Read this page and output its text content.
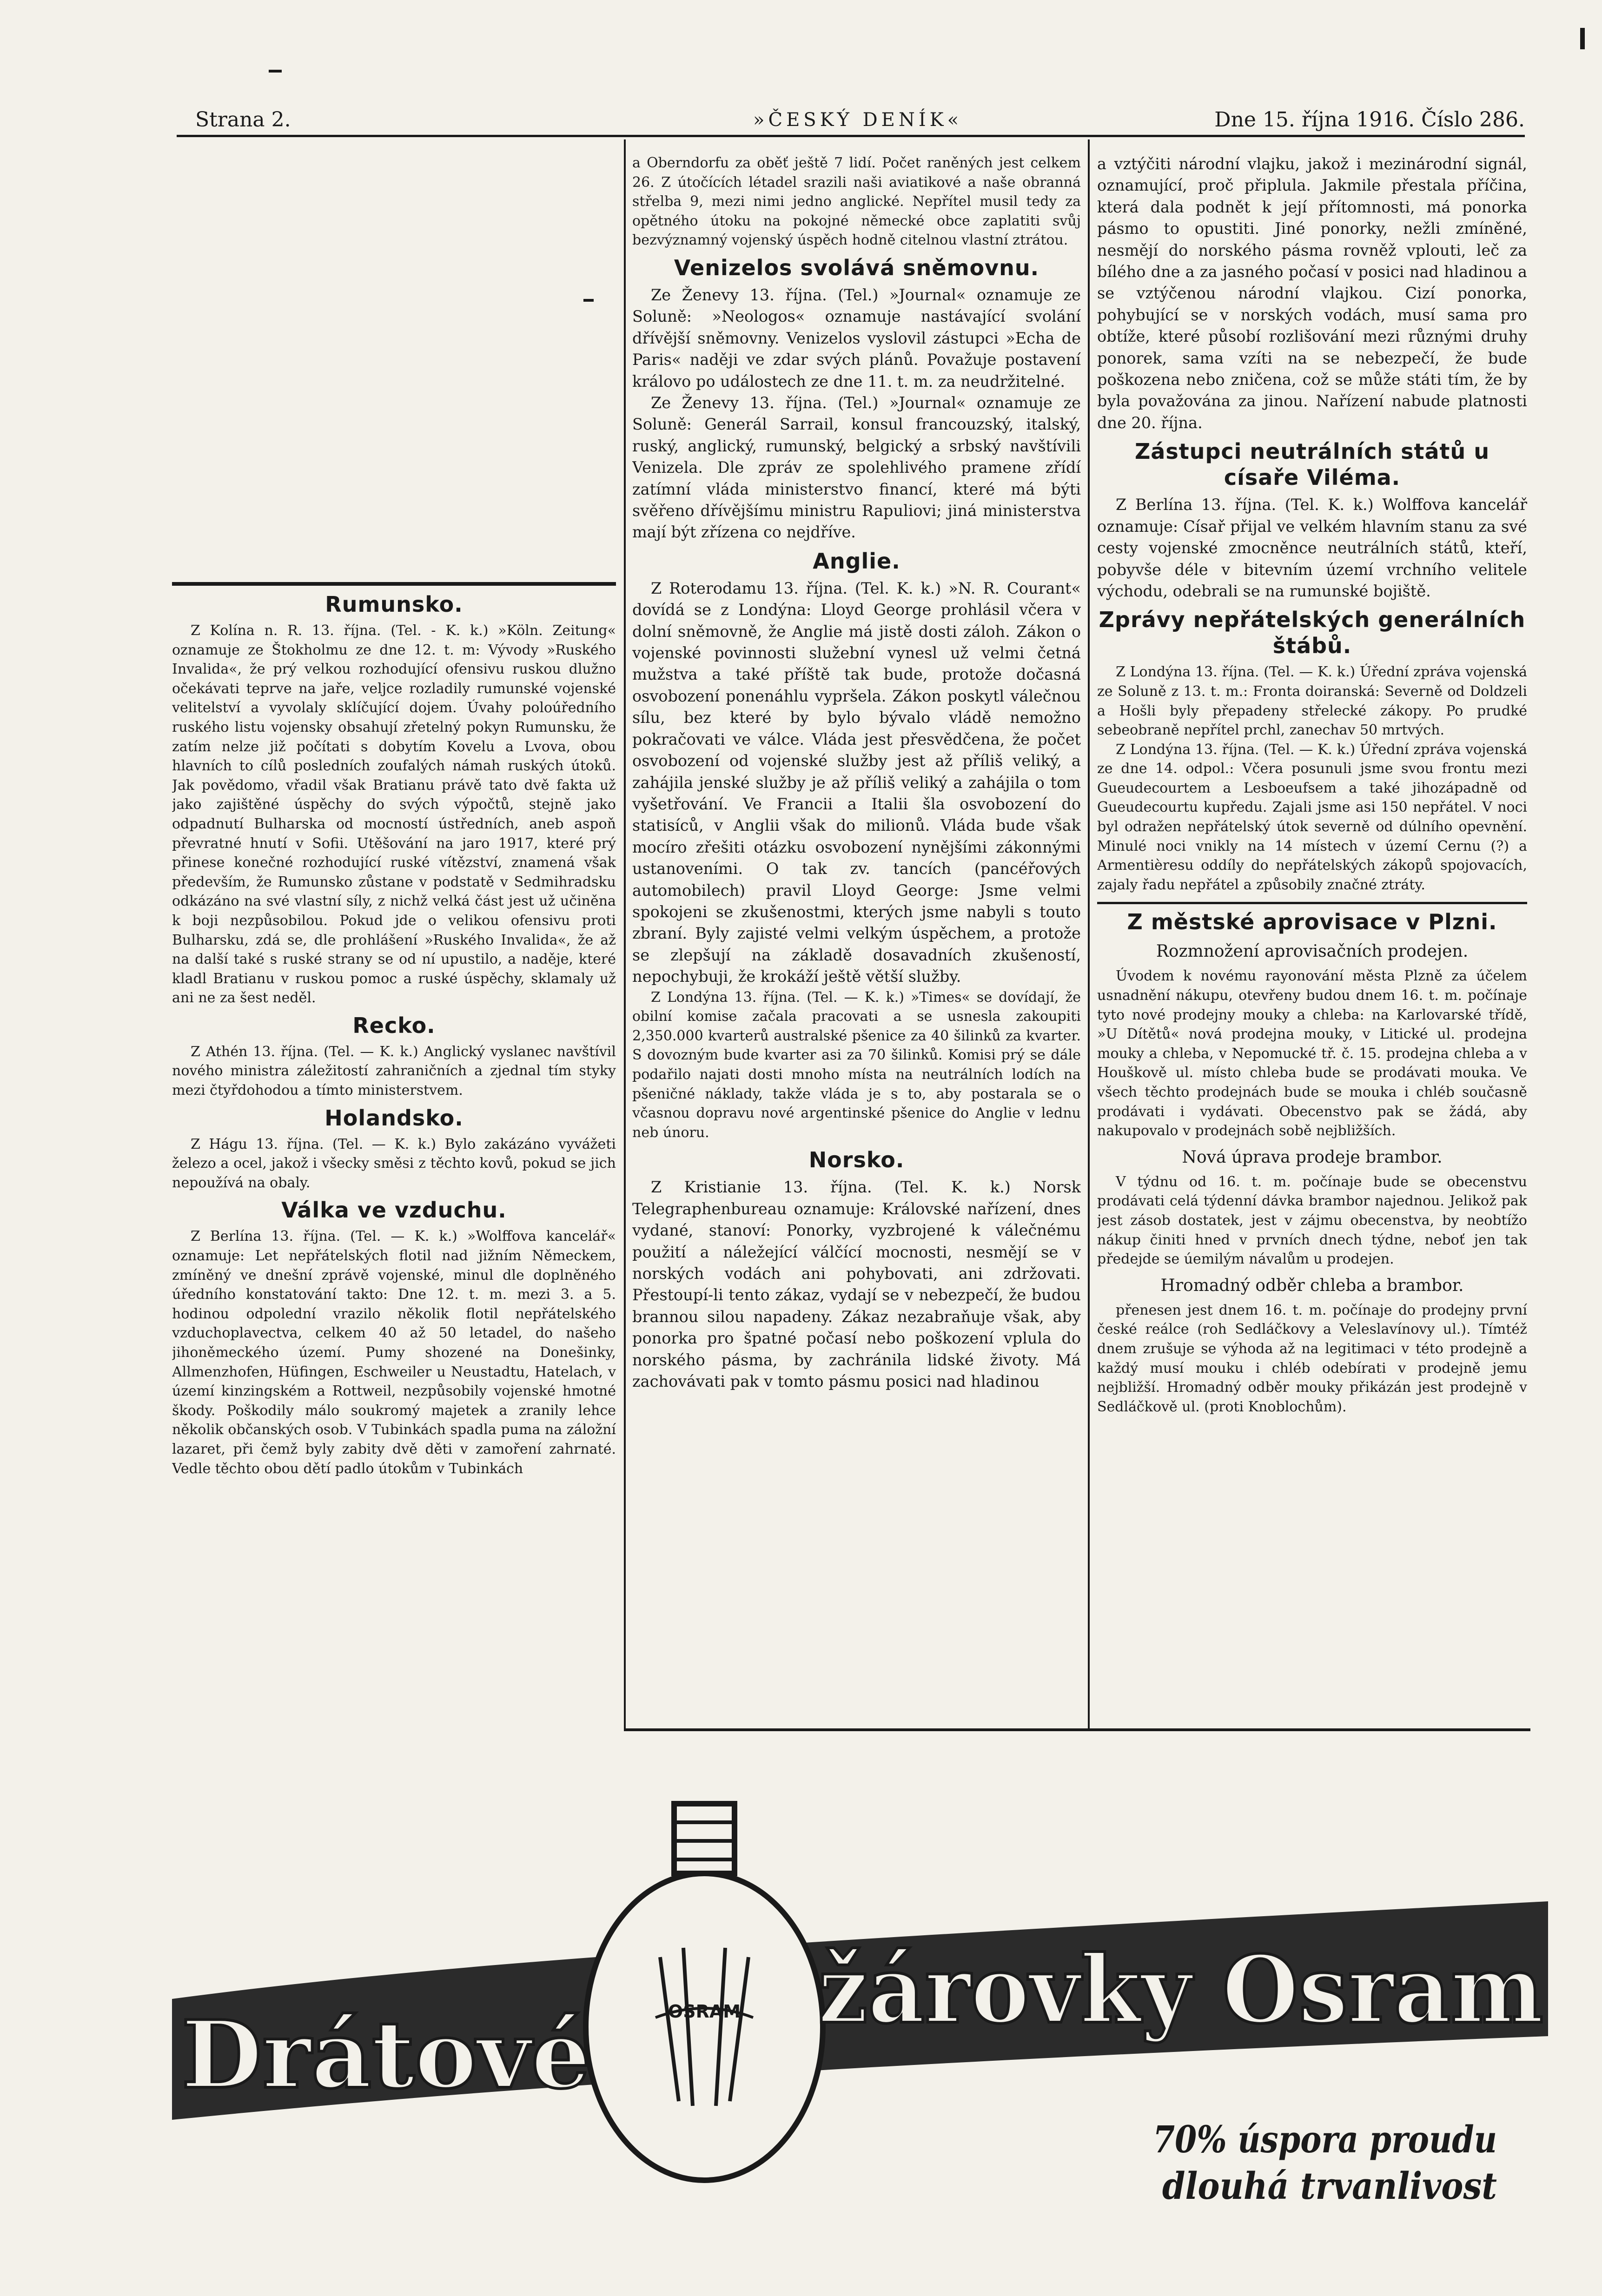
Strana 2.	»ČESKÝ DENÍK«	Dne 15. října 1916. Číslo 286.
Rumunsko.

Z Kolína n. R. 13. října. (Tel. - K. k.) »Köln. Zeitung« oznamuje ze Štokholmu ze dne 12. t. m: Vývody »Ruského Invalida«, že prý velkou rozhodující ofensivu ruskou dlužno očekávati teprve na jaře, veljce rozladily rumunské vojenské velitelství a vyvolaly sklíčující dojem. Úvahy poloúředního ruského listu vojensky obsahují zřetelný pokyn Rumunsku, že zatím nelze již počítati s dobytím Kovelu a Lvova, obou hlavních to cílů posledních zoufalých námah ruských útoků. Jak povědomo, vřadil však Bratianu právě tato dvě fakta už jako zajištěné úspěchy do svých výpočtů, stejně jako odpadnutí Bulharska od mocností ústředních, aneb aspoň převratné hnutí v Sofii. Utěšování na jaro 1917, které prý přinese konečné rozhodující ruské vítězství, znamená však především, že Rumunsko zůstane v podstatě v Sedmihradsku odkázáno na své vlastní síly, z nichž velká část jest už učiněna k boji nezpůsobilou. Pokud jde o velikou ofensivu proti Bulharsku, zdá se, dle prohlášení »Ruského Invalida«, že až na další také s ruské strany se od ní upustilo, a naděje, které kladl Bratianu v ruskou pomoc a ruské úspěchy, sklamaly už ani ne za šest neděl.

Recko.

Z Athén 13. října. (Tel. — K. k.) Anglický vyslanec navštívil nového ministra záležitostí zahraničních a zjednal tím styky mezi čtyřdohodou a tímto ministerstvem.

Holandsko.

Z Hágu 13. října. (Tel. — K. k.) Bylo zakázáno vyvážeti železo a ocel, jakož i všecky směsi z těchto kovů, pokud se jich nepoužívá na obaly.

Válka ve vzduchu.

Z Berlína 13. října. (Tel. — K. k.) »Wolffova kancelář« oznamuje: Let nepřátelských flotil nad jižním Německem, zmíněný ve dnešní zprávě vojenské, minul dle doplněného úředního konstatování takto: Dne 12. t. m. mezi 3. a 5. hodinou odpolední vrazilo několik flotil nepřátelského vzduchoplavectva, celkem 40 až 50 letadel, do našeho jihoněmeckého území. Pumy shozené na Donešinky, Allmenzhofen, Hüfingen, Eschweiler u Neustadtu, Hatelach, v území kinzingském a Rottweil, nezpůsobily vojenské hmotné škody. Poškodily málo soukromý majetek a zranily lehce několik občanských osob. V Tubinkách spadla puma na záložní lazaret, při čemž byly zabity dvě děti v zamoření zahrnaté. Vedle těchto obou dětí padlo útokům v Tubinkách

a Oberndorfu za oběť ještě 7 lidí. Počet raněných jest celkem 26. Z útočících létadel srazili naši aviatikové a naše obranná střelba 9, mezi nimi jedno anglické. Nepřítel musil tedy za opětného útoku na pokojné německé obce zaplatiti svůj bezvýznamný vojenský úspěch hodně citelnou vlastní ztrátou.

Venizelos svolává sněmovnu.

Ze Ženevy 13. října. (Tel.) »Journal« oznamuje ze Soluně: »Neologos« oznamuje nastávající svolání dřívější sněmovny. Venizelos vyslovil zástupci »Echa de Paris« naději ve zdar svých plánů. Považuje postavení královo po událostech ze dne 11. t. m. za neudržitelné.

Ze Ženevy 13. října. (Tel.) »Journal« oznamuje ze Soluně: Generál Sarrail, konsul francouzský, italský, ruský, anglický, rumunský, belgický a srbský navštívili Venizela. Dle zpráv ze spolehlivého pramene zřídí zatímní vláda ministerstvo financí, které má býti svěřeno dřívějšímu ministru Rapuliovi; jiná ministerstva mají být zřízena co nejdříve.

Anglie.

Z Roterodamu 13. října. (Tel. K. k.) »N. R. Courant« dovídá se z Londýna: Lloyd George prohlásil včera v dolní sněmovně, že Anglie má jistě dosti záloh. Zákon o vojenské povinnosti služební vynesl už velmi četná mužstva a také příště tak bude, protože dočasná osvobození ponenáhlu vypršela. Zákon poskytl válečnou sílu, bez které by bylo bývalo vládě nemožno pokračovati ve válce. Vláda jest přesvědčena, že počet osvobození od vojenské služby jest až příliš veliký, a zahájila jenské služby je až příliš veliký a zahájila o tom vyšetřování. Ve Francii a Italii šla osvobození do statisíců, v Anglii však do milionů. Vláda bude však mocíro zřešiti otázku osvobození nynějšími zákonnými ustanoveními. O tak zv. tancích (pancéřových automobilech) pravil Lloyd George: Jsme velmi spokojeni se zkušenostmi, kterých jsme nabyli s touto zbraní. Byly zajisté velmi velkým úspěchem, a protože se zlepšují na základě dosavadních zkušeností, nepochybuji, že krokáží ještě větší služby.

Z Londýna 13. října. (Tel. — K. k.) »Times« se dovídají, že obilní komise začala pracovati a se usnesla zakoupiti 2,350.000 kvarterů australské pšenice za 40 šilinků za kvarter. S dovozným bude kvarter asi za 70 šilinků. Komisi prý se dále podařilo najati dosti mnoho místa na neutrálních lodích na pšeničné náklady, takže vláda je s to, aby postarala se o včasnou dopravu nové argentinské pšenice do Anglie v lednu neb únoru.

Norsko.

Z Kristianie 13. října. (Tel. K. k.) Norsk Telegraphenbureau oznamuje: Královské nařízení, dnes vydané, stanoví: Ponorky, vyzbrojené k válečnému použití a náležející válčící mocnosti, nesmějí se v norských vodách ani pohybovati, ani zdržovati. Přestoupí-li tento zákaz, vydají se v nebezpečí, že budou brannou silou napadeny. Zákaz nezabraňuje však, aby ponorka pro špatné počasí nebo poškození vplula do norského pásma, by zachránila lidské životy. Má zachovávati pak v tomto pásmu posici nad hladinou

a vztýčiti národní vlajku, jakož i mezinárodní signál, oznamující, proč připlula. Jakmile přestala příčina, která dala podnět k její přítomnosti, má ponorka pásmo to opustiti. Jiné ponorky, nežli zmíněné, nesmějí do norského pásma rovněž vplouti, leč za bílého dne a za jasného počasí v posici nad hladinou a se vztýčenou národní vlajkou. Cizí ponorka, pohybující se v norských vodách, musí sama pro obtíže, které působí rozlišování mezi různými druhy ponorek, sama vzíti na se nebezpečí, že bude poškozena nebo zničena, což se může státi tím, že by byla považována za jinou. Nařízení nabude platnosti dne 20. října.

Zástupci neutrálních států u císaře Viléma.

Z Berlína 13. října. (Tel. K. k.) Wolffova kancelář oznamuje: Císař přijal ve velkém hlavním stanu za své cesty vojenské zmocněnce neutrálních států, kteří, pobyvše déle v bitevním území vrchního velitele východu, odebrali se na rumunské bojiště.

Zprávy nepřátelských generálních štábů.

Z Londýna 13. října. (Tel. — K. k.) Úřední zpráva vojenská ze Soluně z 13. t. m.: Fronta doiranská: Severně od Doldzeli a Hošli byly přepadeny střelecké zákopy. Po prudké sebeobraně nepřítel prchl, zanechav 50 mrtvých.

Z Londýna 13. října. (Tel. — K. k.) Úřední zpráva vojenská ze dne 14. odpol.: Včera posunuli jsme svou frontu mezi Gueudecourtem a Lesboeufsem a také jihozápadně od Gueudecourtu kupředu. Zajali jsme asi 150 nepřátel. V noci byl odražen nepřátelský útok severně od dúlního opevnění. Minulé noci vnikly na 14 místech v území Cernu (?) a Armentièresu oddíly do nepřátelských zákopů spojovacích, zajaly řadu nepřátel a způsobily značné ztráty.

Z městské aprovisace v Plzni.
Rozmnožení aprovisačních prodejen.

Úvodem k novému rayonování města Plzně za účelem usnadnění nákupu, otevřeny budou dnem 16. t. m. počínaje tyto nové prodejny mouky a chleba: na Karlovarské třídě, »U Dítětů« nová prodejna mouky, v Litické ul. prodejna mouky a chleba, v Nepomucké tř. č. 15. prodejna chleba a v Houškově ul. místo chleba bude se prodávati mouka. Ve všech těchto prodejnách bude se mouka i chléb současně prodávati i vydávati. Obecenstvo pak se žádá, aby nakupovalo v prodejnách sobě nejbližších.

Nová úprava prodeje brambor.

V týdnu od 16. t. m. počínaje bude se obecenstvu prodávati celá týdenní dávka brambor najednou. Jelikož pak jest zásob dostatek, jest v zájmu obecenstva, by neobtížo nákup činiti hned v prvních dnech týdne, neboť jen tak předejde se úemilým návalům u prodejen.

Hromadný odběr chleba a brambor.

přenesen jest dnem 16. t. m. počínaje do prodejny první české reálce (roh Sedláčkovy a Veleslavínovy ul.). Tímtéž dnem zrušuje se výhoda až na legitimaci v této prodejně a každý musí mouku i chléb odebírati v prodejně jemu nejbližší. Hromadný odběr mouky přikázán jest prodejně v Sedláčkově ul. (proti Knoblochům).

OSRAM
Drátové
žárovky Osram
70% úspora proudu
dlouhá trvanlivost
